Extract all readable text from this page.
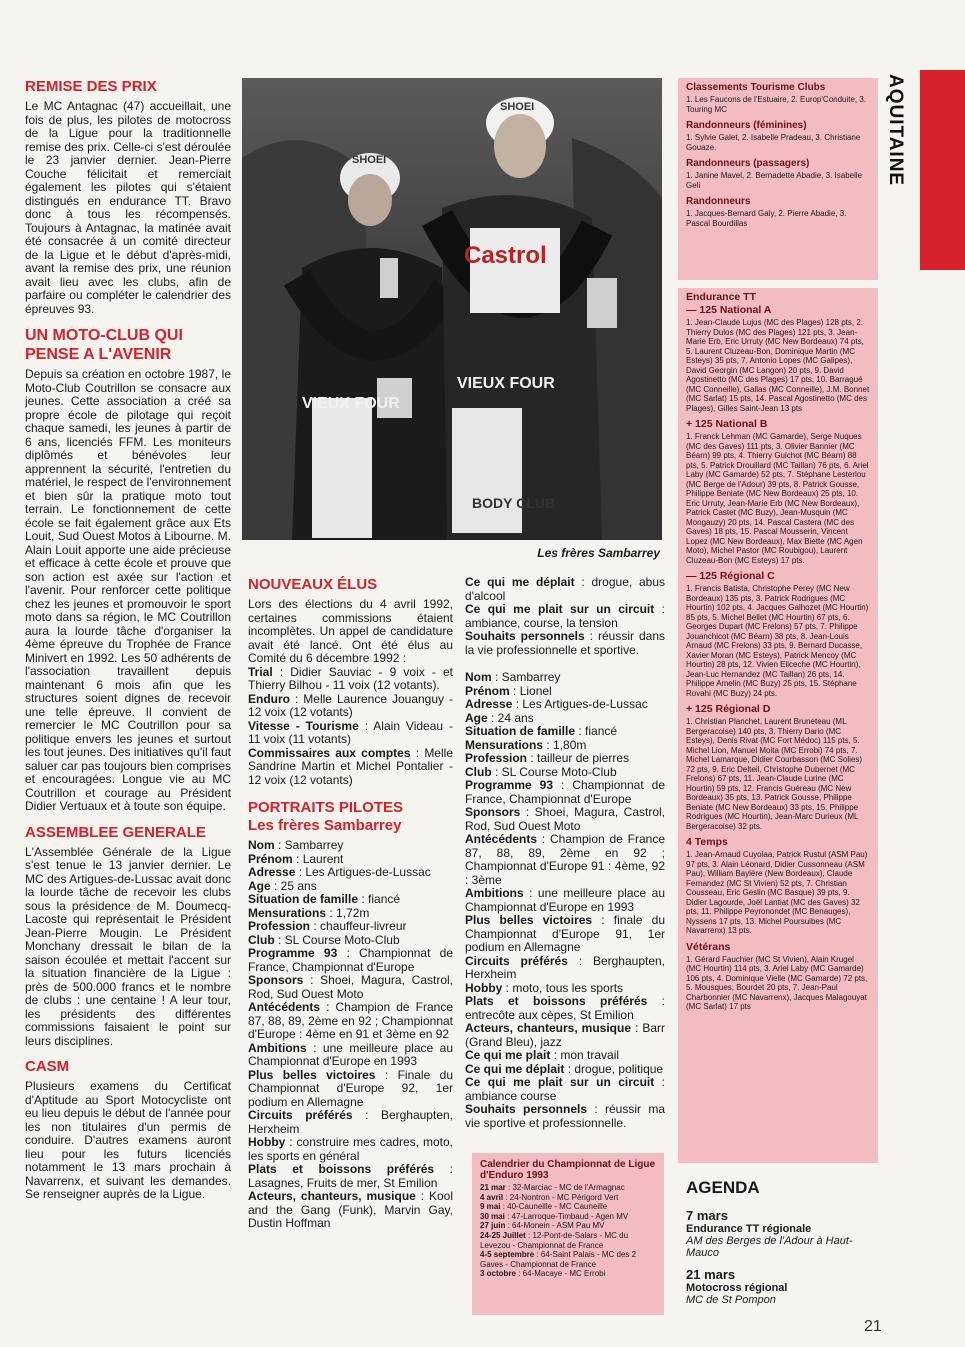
AQUITAINE
21
REMISE DES PRIX

Le MC Antagnac (47) accueillait, une fois de plus, les pilotes de motocross de la Ligue pour la traditionnelle remise des prix. Celle-ci s'est déroulée le 23 janvier dernier. Jean-Pierre Couche félicitait et remerciait également les pilotes qui s'étaient distingués en endurance TT. Bravo donc à tous les récompensés. Toujours à Antagnac, la matinée avait été consacrée à un comité directeur de la Ligue et le début d'après-midi, avant la remise des prix, une réunion avait lieu avec les clubs, afin de parfaire ou compléter le calendrier des épreuves 93.

UN MOTO-CLUB QUI
PENSE A L'AVENIR

Depuis sa création en octobre 1987, le Moto-Club Coutrillon se consacre aux jeunes. Cette association a créé sa propre école de pilotage qui reçoit chaque samedi, les jeunes à partir de 6 ans, licenciés FFM. Les moniteurs diplômés et bénévoles leur apprennent la sécurité, l'entretien du matériel, le respect de l'environnement et bien sûr la pratique moto tout terrain. Le fonctionnement de cette école se fait également grâce aux Ets Louit, Sud Ouest Motos à Libourne. M. Alain Louit apporte une aide précieuse et efficace à cette école et prouve que son action est axée sur l'action et l'avenir. Pour renforcer cette politique chez les jeunes et promouvoir le sport moto dans sa région, le MC Coutrillon aura la lourde tâche d'organiser la 4ème épreuve du Trophée de France Minivert en 1992. Les 50 adhérents de l'association travaillent depuis maintenant 6 mois afin que les structures soient dignes de recevoir une telle épreuve. Il convient de remercier le MC Coutrillon pour sa politique envers les jeunes et surtout les tout jeunes. Des initiatives qu'il faut saluer car pas toujours bien comprises et encouragées. Longue vie au MC Coutrillon et courage au Président Didier Vertuaux et à toute son équipe.

ASSEMBLEE GENERALE

L'Assemblée Générale de la Ligue s'est tenue le 13 janvier dernier. Le MC des Artigues-de-Lussac avait donc la lourde tâche de recevoir les clubs sous la présidence de M. Doumecq-Lacoste qui représentait le Président Jean-Pierre Mougin. Le Président Monchany dressait le bilan de la saison écoulée et mettait l'accent sur la situation financière de la Ligue : près de 500.000 francs et le nombre de clubs : une centaine ! A leur tour, les présidents des différentes commissions faisaient le point sur leurs disciplines.

CASM

Plusieurs examens du Certificat d'Aptitude au Sport Motocycliste ont eu lieu depuis le début de l'année pour les non titulaires d'un permis de conduire. D'autres examens auront lieu pour les futurs licenciés notamment le 13 mars prochain à Navarrenx, et suivant les demandes. Se renseigner auprès de la Ligue.

SHOEI
VIEUX FOUR
Castrol
SHOEI
VIEUX FOUR
BODY CLUB
Les frères Sambarrey
NOUVEAUX ÉLUS

Lors des élections du 4 avril 1992, certaines commissions étaient incomplètes. Un appel de candidature avait été lancé. Ont été élus au Comité du 6 décembre 1992 :

Trial : Didier Sauviac - 9 voix - et Thierry Bilhou - 11 voix (12 votants).

Enduro : Melle Laurence Jouanguy - 12 voix (12 votants)

Vitesse - Tourisme : Alain Videau - 11 voix (11 votants)

Commissaires aux comptes : Melle Sandrine Martin et Michel Pontalier - 12 voix (12 votants)

PORTRAITS PILOTES
Les frères Sambarrey

Nom : Sambarrey

Prénom : Laurent

Adresse : Les Artigues-de-Lussac

Age : 25 ans

Situation de famille : fiancé

Mensurations : 1,72m

Profession : chauffeur-livreur

Club : SL Course Moto-Club

Programme 93 : Championnat de France, Championnat d'Europe

Sponsors : Shoei, Magura, Castrol, Rod, Sud Ouest Moto

Antécédents : Champion de France 87, 88, 89, 2ème en 92 ; Championnat d'Europe : 4ème en 91 et 3ème en 92

Ambitions : une meilleure place au Championnat d'Europe en 1993

Plus belles victoires : Finale du Championnat d'Europe 92, 1er podium en Allemagne

Circuits préférés : Berghaupten, Herxheim

Hobby : construire mes cadres, moto, les sports en général

Plats et boissons préférés : Lasagnes, Fruits de mer, St Emilion

Acteurs, chanteurs, musique : Kool and the Gang (Funk), Marvin Gay, Dustin Hoffman

Ce qui me déplait : drogue, abus d'alcool

Ce qui me plait sur un circuit : ambiance, course, la tension

Souhaits personnels : réussir dans la vie professionnelle et sportive.

Nom : Sambarrey

Prénom : Lionel

Adresse : Les Artigues-de-Lussac

Age : 24 ans

Situation de famille : fiancé

Mensurations : 1,80m

Profession : tailleur de pierres

Club : SL Course Moto-Club

Programme 93 : Championnat de France, Championnat d'Europe

Sponsors : Shoei, Magura, Castrol, Rod, Sud Ouest Moto

Antécédents : Champion de France 87, 88, 89, 2ème en 92 ; Championnat d'Europe 91 : 4ème, 92 : 3ème

Ambitions : une meilleure place au Championnat d'Europe en 1993

Plus belles victoires : finale du Championnat d'Europe 91, 1er podium en Allemagne

Circuits préférés : Berghaupten, Herxheim

Hobby : moto, tous les sports

Plats et boissons préférés : entrecôte aux cèpes, St Emilion

Acteurs, chanteurs, musique : Barr (Grand Bleu), jazz

Ce qui me plait : mon travail

Ce qui me déplait : drogue, politique

Ce qui me plait sur un circuit : ambiance course

Souhaits personnels : réussir ma vie sportive et professionnelle.

Calendrier du Championnat de Ligue d'Enduro 1993
21 mar : 32-Marciac - MC de l'Armagnac
4 avril : 24-Nontron - MC Périgord Vert
9 mai : 40-Cauneille - MC Cauneille
30 mai : 47-Larroque-Timbaud - Agen MV
27 juin : 64-Monein - ASM Pau MV
24-25 Juillet : 12-Pont-de-Salars - MC du Levezou - Championnat de France
4-5 septembre : 64-Saint Palais - MC des 2 Gaves - Championnat de France
3 octobre : 64-Macaye - MC Errobi
Classements Tourisme Clubs
1. Les Faucons de l'Estuaire, 2. Europ'Conduite, 3. Touring MC
Randonneurs (féminines)
1. Sylvie Galet, 2. Isabelle Pradeau, 3. Christiane Gouaze.
Randonneurs (passagers)
1. Janine Mavel, 2. Bernadette Abadie, 3. Isabelle Geli
Randonneurs
1. Jacques-Bernard Galy, 2. Pierre Abadie, 3. Pascal Bourdillas
Endurance TT
— 125 National A
1. Jean-Claude Lujus (MC des Plages) 128 pts, 2. Thierry Dulos (MC des Plages) 121 pts, 3. Jean-Marie Erb, Eric Urruty (MC New Bordeaux) 74 pts, 5. Laurent Cluzeau-Bon, Dominique Martin (MC Esteys) 35 pts, 7. Antonio Lopes (MC Galipes), David Georgin (MC Langon) 20 pts, 9. David Agostinetto (MC des Plages) 17 pts, 10. Barragué (MC Conneille), Gallas (MC Conneille), J.M. Bonnet (MC Sarlat) 15 pts, 14. Pascal Agostinetto (MC des Plages), Gilles Saint-Jean 13 pts
+ 125 National B
1. Franck Lehman (MC Gamarde), Serge Nuques (MC des Gaves) 111 pts, 3. Olivier Bannier (MC Béarn) 99 pts, 4. Thierry Guichot (MC Béarn) 88 pts, 5. Patrick Drouillard (MC Taillan) 76 pts, 6. Ariel Laby (MC Gamarde) 52 pts, 7. Stéphane Lesterlou (MC Berge de l'Adour) 39 pts, 8. Patrick Gousse, Philippe Beniate (MC New Bordeaux) 25 pts, 10. Eric Urruty, Jean-Marie Erb (MC New Bordeaux), Patrick Castet (MC Buzy), Jean-Musquin (MC Mongauzy) 20 pts, 14. Pascal Castera (MC des Gaves) 18 pts, 15. Pascal Mousserin, Vincent Lopez (MC New Bordeaux), Max Biette (MC Agen Moto), Michel Pastor (MC Roubigou), Laurent Cluzeau-Bon (MC Esteys) 17 pts.
— 125 Régional C
1. Francis Batista, Christophe Perey (MC New Bordeaux) 135 pts, 3. Patrick Rodrigues (MC Hourtin) 102 pts, 4. Jacques Galhozet (MC Hourtin) 85 pts, 5. Michel Bellet (MC Hourtin) 67 pts, 6. Georges Dupart (MC Frelons) 57 pts, 7. Philippe Jouanchicot (MC Béarn) 38 pts, 8. Jean-Louis Arnaud (MC Frelons) 33 pts, 9. Bernard Ducasse, Xavier Moran (MC Esteys), Patrick Mencoy (MC Hourtin) 28 pts, 12. Vivien Eliceche (MC Hourtin), Jean-Luc Hernandez (MC Taillan) 26 pts, 14. Philippe Amelin (MC Buzy) 25 pts, 15. Stéphane Rovahi (MC Buzy) 24 pts.
+ 125 Régional D
1. Christian Planchet, Laurent Bruneteau (ML Bergeracoise) 140 pts, 3. Thierry Dario (MC Esteys), Denis Rivat (MC Fort Médoc) 115 pts, 5. Michel Lion, Manuel Moita (MC Errobi) 74 pts, 7. Michel Lamarque, Didier Courbasson (MC Solies) 72 pts, 9. Eric Delteil, Christophe Dubernet (MC Frelons) 67 pts, 11. Jean-Claude Lurine (MC Hourtin) 59 pts, 12. Francis Guéreau (MC New Bordeaux) 35 pts, 13. Patrick Gousse, Philippe Beniate (MC New Bordeaux) 33 pts, 15. Philippe Rodrigues (MC Hourtin), Jean-Marc Durieux (ML Bergeracoise) 32 pts.
4 Temps
1. Jean-Arnaud Cuyolaa, Patrick Rustul (ASM Pau) 97 pts, 3. Alain Léonard, Didier Cussonneau (ASM Pau), William Baylère (New Bordeaux), Claude Fernandez (MC St Vivien) 52 pts, 7. Christian Cousseau, Eric Geslin (MC Basque) 39 pts, 9. Didier Lagourde, Joël Lantiat (MC des Gaves) 32 pts, 11. Philippe Peyronondet (MC Benauges), Nyssens 17 pts, 13. Michel Poursuibes (MC Navarrenx) 13 pts.
Vétérans
1. Gérard Fauchier (MC St Vivien), Alain Krugel (MC Hourtin) 114 pts, 3. Ariel Laby (MC Gamarde) 106 pts, 4. Dominique Vielle (MC Gamarde) 72 pts, 5. Mousques, Bourdet 20 pts, 7. Jean-Paul Charbonnier (MC Navarrenx), Jacques Malagouyat (MC Sarlat) 17 pts
AGENDA
7 mars
Endurance TT régionale
AM des Berges de l'Adour à Haut-Mauco
21 mars
Motocross régional
MC de St Pompon
